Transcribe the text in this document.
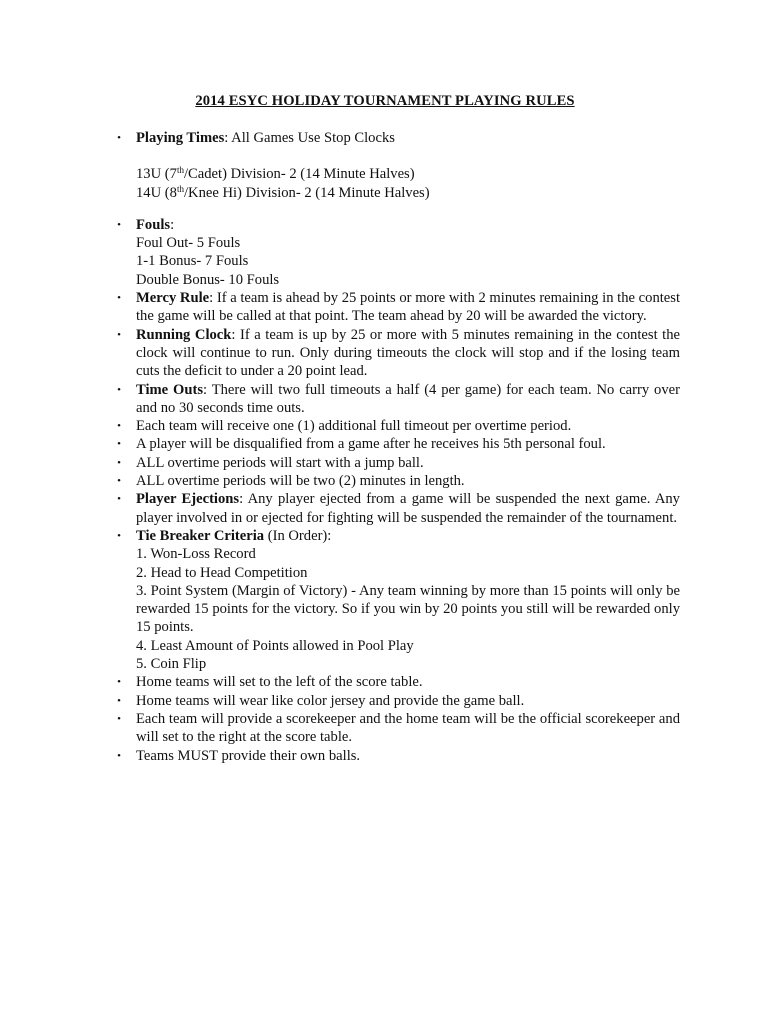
2014 ESYC HOLIDAY TOURNAMENT PLAYING RULES
•	Playing Times: All Games Use Stop Clocks
13U (7th/Cadet) Division- 2 (14 Minute Halves)
14U (8th/Knee Hi) Division- 2 (14 Minute Halves)
•	Fouls:
Foul Out- 5 Fouls
1-1 Bonus- 7 Fouls
Double Bonus- 10 Fouls
•	Mercy Rule: If a team is ahead by 25 points or more with 2 minutes remaining in the contest the game will be called at that point. The team ahead by 20 will be awarded the victory.
•	Running Clock: If a team is up by 25 or more with 5 minutes remaining in the contest the clock will continue to run. Only during timeouts the clock will stop and if the losing team cuts the deficit to under a 20 point lead.
•	Time Outs: There will two full timeouts a half (4 per game) for each team. No carry over and no 30 seconds time outs.
•	Each team will receive one (1) additional full timeout per overtime period.
•	A player will be disqualified from a game after he receives his 5th personal foul.
•	ALL overtime periods will start with a jump ball.
•	ALL overtime periods will be two (2) minutes in length.
•	Player Ejections: Any player ejected from a game will be suspended the next game. Any player involved in or ejected for fighting will be suspended the remainder of the tournament.
•	Tie Breaker Criteria (In Order):
1. Won-Loss Record
2. Head to Head Competition
3. Point System (Margin of Victory) - Any team winning by more than 15 points will only be rewarded 15 points for the victory. So if you win by 20 points you still will be rewarded only 15 points.
4. Least Amount of Points allowed in Pool Play
5. Coin Flip
•	Home teams will set to the left of the score table.
•	Home teams will wear like color jersey and provide the game ball.
•	Each team will provide a scorekeeper and the home team will be the official scorekeeper and will set to the right at the score table.
•	Teams MUST provide their own balls.
